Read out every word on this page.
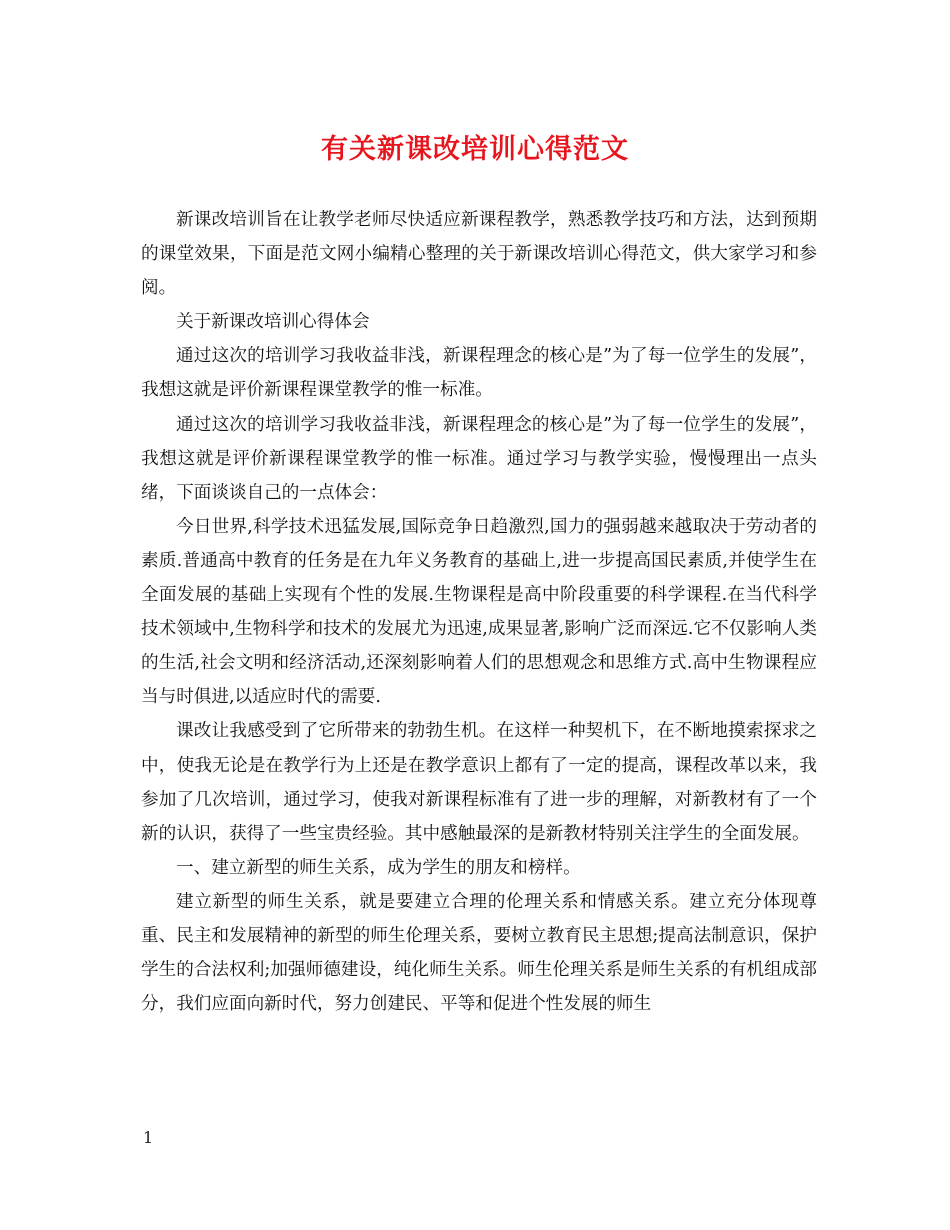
有关新课改培训心得范文

新课改培训旨在让教学老师尽快适应新课程教学，熟悉教学技巧和方法，达到预期的课堂效果，下面是范文网小编精心整理的关于新课改培训心得范文，供大家学习和参阅。

关于新课改培训心得体会

通过这次的培训学习我收益非浅，新课程理念的核心是”为了每一位学生的发展”，我想这就是评价新课程课堂教学的惟一标准。

通过这次的培训学习我收益非浅，新课程理念的核心是”为了每一位学生的发展”，我想这就是评价新课程课堂教学的惟一标准。通过学习与教学实验，慢慢理出一点头绪，下面谈谈自己的一点体会：

今日世界,科学技术迅猛发展,国际竞争日趋激烈,国力的强弱越来越取决于劳动者的素质.普通高中教育的任务是在九年义务教育的基础上,进一步提高国民素质,并使学生在全面发展的基础上实现有个性的发展.生物课程是高中阶段重要的科学课程.在当代科学技术领域中,生物科学和技术的发展尤为迅速,成果显著,影响广泛而深远.它不仅影响人类的生活,社会文明和经济活动,还深刻影响着人们的思想观念和思维方式.高中生物课程应当与时俱进,以适应时代的需要.

课改让我感受到了它所带来的勃勃生机。在这样一种契机下，在不断地摸索探求之中，使我无论是在教学行为上还是在教学意识上都有了一定的提高，课程改革以来，我参加了几次培训，通过学习，使我对新课程标准有了进一步的理解，对新教材有了一个新的认识，获得了一些宝贵经验。其中感触最深的是新教材特别关注学生的全面发展。

一、建立新型的师生关系，成为学生的朋友和榜样。

建立新型的师生关系，就是要建立合理的伦理关系和情感关系。建立充分体现尊重、民主和发展精神的新型的师生伦理关系，要树立教育民主思想;提高法制意识，保护学生的合法权利;加强师德建设，纯化师生关系。师生伦理关系是师生关系的有机组成部分，我们应面向新时代，努力创建民、平等和促进个性发展的师生

1
